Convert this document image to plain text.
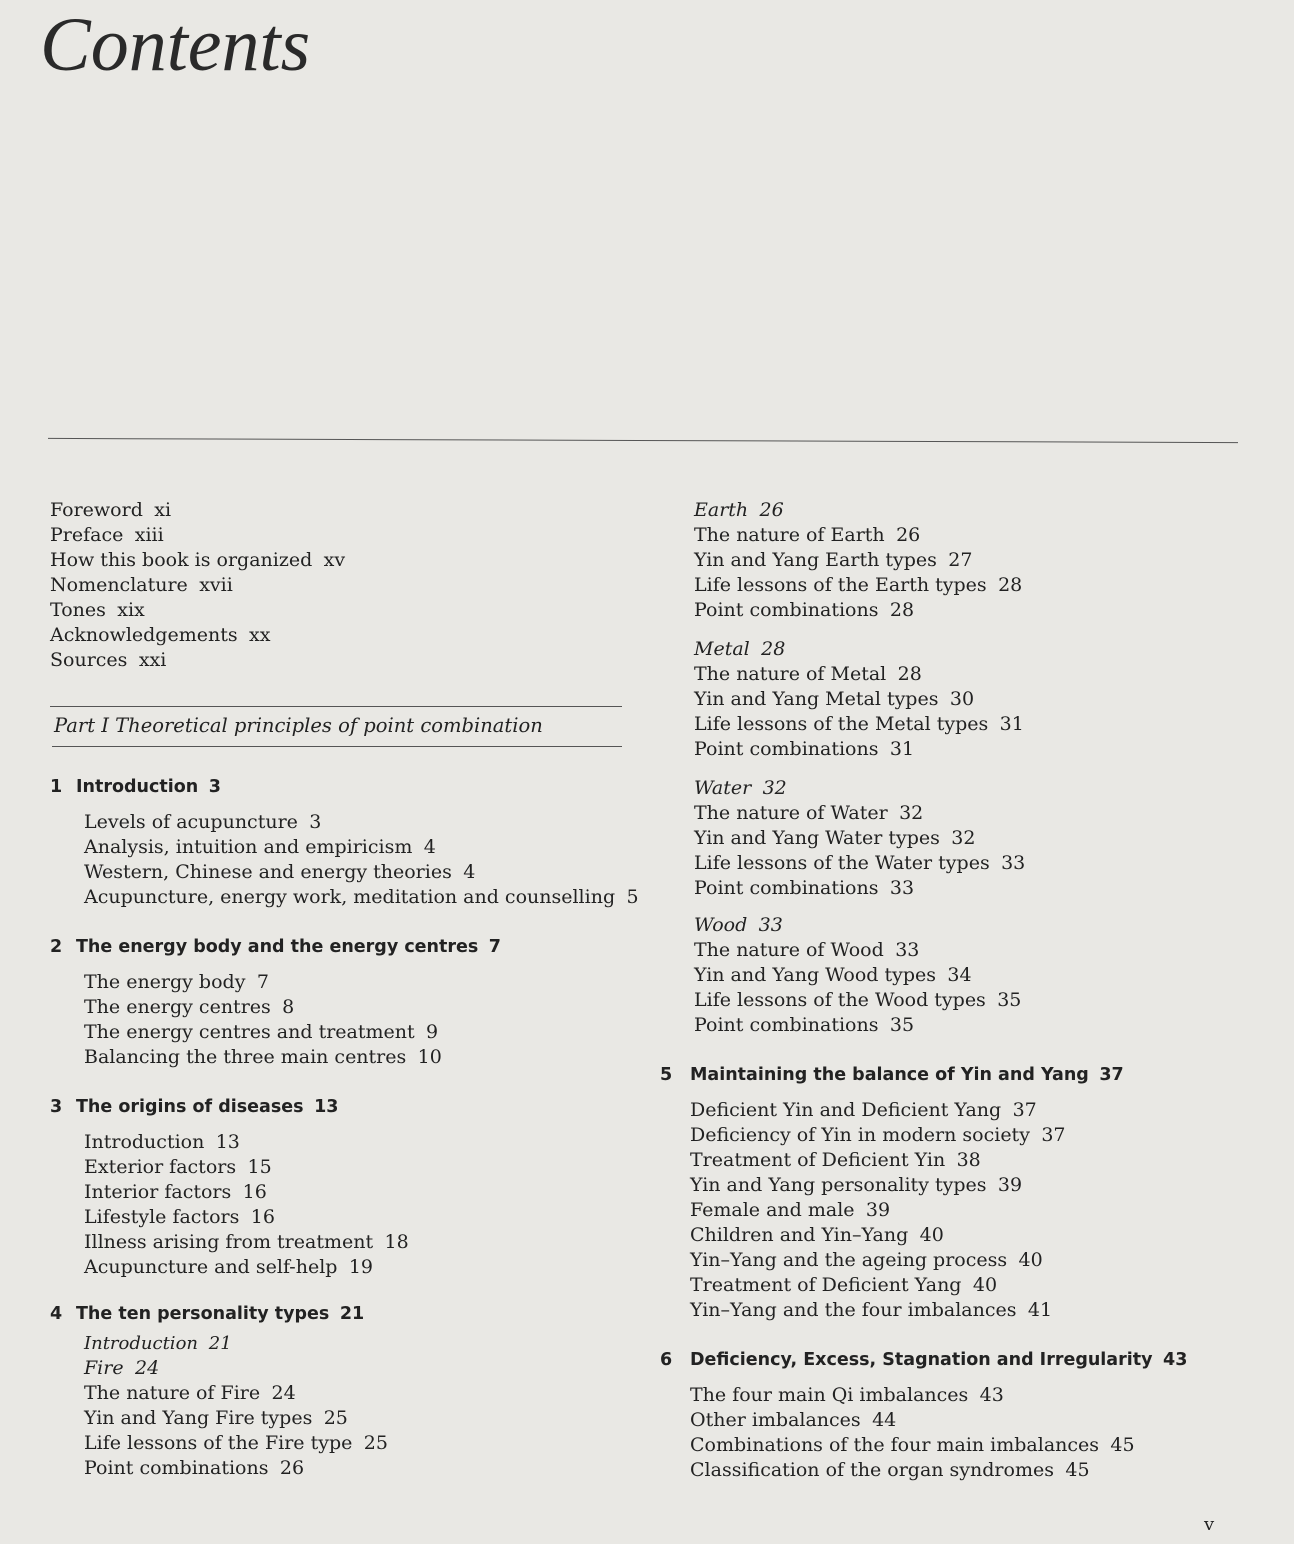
Contents
Foreword xi
Preface xiii
How this book is organized xv
Nomenclature xvii
Tones xix
Acknowledgements xx
Sources xxi
1 Introduction 3
Levels of acupuncture 3
Analysis, intuition and empiricism 4
Western, Chinese and energy theories 4
Acupuncture, energy work, meditation and counselling 5
2 The energy body and the energy centres 7
The energy body 7
The energy centres 8
The energy centres and treatment 9
Balancing the three main centres 10
3 The origins of diseases 13
Introduction 13
Exterior factors 15
Interior factors 16
Lifestyle factors 16
Illness arising from treatment 18
Acupuncture and self-help 19
4 The ten personality types 21
Introduction 21
Fire 24
The nature of Fire 24
Yin and Yang Fire types 25
Life lessons of the Fire type 25
Point combinations 26
Part I Theoretical principles of point combination
Earth 26
The nature of Earth 26
Yin and Yang Earth types 27
Life lessons of the Earth types 28
Point combinations 28
Metal 28
The nature of Metal 28
Yin and Yang Metal types 30
Life lessons of the Metal types 31
Point combinations 31
Water 32
The nature of Water 32
Yin and Yang Water types 32
Life lessons of the Water types 33
Point combinations 33
Wood 33
The nature of Wood 33
Yin and Yang Wood types 34
Life lessons of the Wood types 35
Point combinations 35
5 Maintaining the balance of Yin and Yang 37
Deficient Yin and Deficient Yang 37
Deficiency of Yin in modern society 37
Treatment of Deficient Yin 38
Yin and Yang personality types 39
Female and male 39
Children and Yin–Yang 40
Yin–Yang and the ageing process 40
Treatment of Deficient Yang 40
Yin–Yang and the four imbalances 41
6 Deficiency, Excess, Stagnation and Irregularity 43
The four main Qi imbalances 43
Other imbalances 44
Combinations of the four main imbalances 45
Classification of the organ syndromes 45
v
